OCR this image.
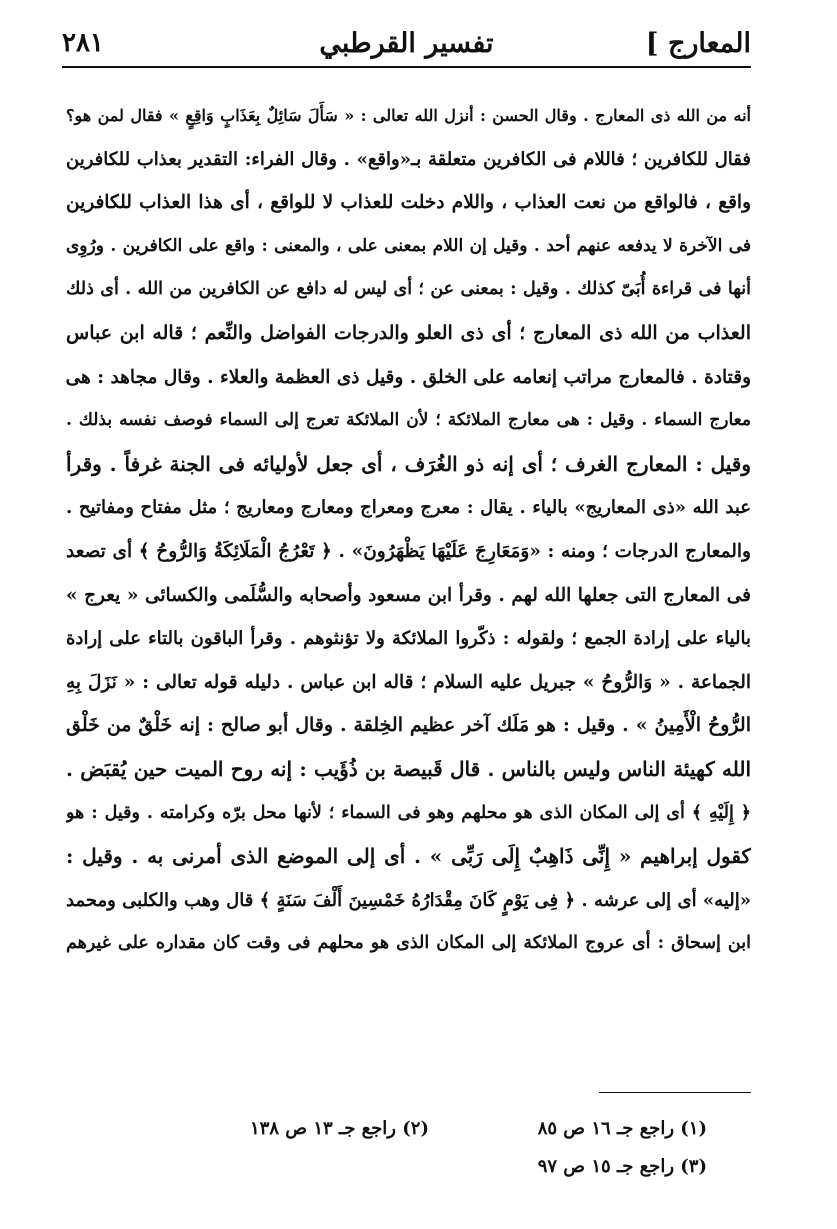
المعارج ]
تفسير القرطبي
٢٨١
أنه من الله ذى المعارج . وقال الحسن : أنزل الله تعالى : « سَأَلَ سَائِلٌ بِعَذَابٍ وَاقِعٍ » فقال لمن هو؟
فقال للكافرين ؛ فاللام فى الكافرين متعلقة بـ«واقع» . وقال الفراء: التقدير بعذاب للكافرين
واقع ، فالواقع من نعت العذاب ، واللام دخلت للعذاب لا للواقع ، أى هذا العذاب للكافرين
فى الآخرة لا يدفعه عنهم أحد . وقيل إن اللام بمعنى على ، والمعنى : واقع على الكافرين . ورُوِى
أنها فى قراءة أُبَىّ كذلك . وقيل : بمعنى عن ؛ أى ليس له دافع عن الكافرين من الله . أى ذلك
العذاب من الله ذى المعارج ؛ أى ذى العلو والدرجات الفواضل والنِّعم ؛ قاله ابن عباس
وقتادة . فالمعارج مراتب إنعامه على الخلق . وقيل ذى العظمة والعلاء . وقال مجاهد : هى
معارج السماء . وقيل : هى معارج الملائكة ؛ لأن الملائكة تعرج إلى السماء فوصف نفسه بذلك .
وقيل : المعارج الغرف ؛ أى إنه ذو الغُرَف ، أى جعل لأوليائه فى الجنة غرفاً . وقرأ
عبد الله «ذى المعاريج» بالياء . يقال : معرج ومعراج ومعارج ومعاريج ؛ مثل مفتاح ومفاتيح .
والمعارج الدرجات ؛ ومنه : «وَمَعَارِجَ عَلَيْهَا يَظْهَرُونَ» . ﴿ تَعْرُجُ الْمَلَائِكَةُ وَالرُّوحُ ﴾ أى تصعد
فى المعارج التى جعلها الله لهم . وقرأ ابن مسعود وأصحابه والسُّلَمى والكسائى « يعرج »
بالياء على إرادة الجمع ؛ ولقوله : ذكّروا الملائكة ولا تؤنثوهم . وقرأ الباقون بالتاء على إرادة
الجماعة . « وَالرُّوحُ » جبريل عليه السلام ؛ قاله ابن عباس . دليله قوله تعالى : « نَزَلَ بِهِ
الرُّوحُ الْأَمِينُ » . وقيل : هو مَلَك آخر عظيم الخِلقة . وقال أبو صالح : إنه خَلْقٌ من خَلْق
الله كهيئة الناس وليس بالناس . قال قَبيصة بن ذُؤَيب : إنه روح الميت حين يُقبَض .
﴿ إِلَيْهِ ﴾ أى إلى المكان الذى هو محلهم وهو فى السماء ؛ لأنها محل برّه وكرامته . وقيل : هو
كقول إبراهيم « إِنِّى ذَاهِبٌ إِلَى رَبِّى » . أى إلى الموضع الذى أمرنى به . وقيل :
«إليه» أى إلى عرشه . ﴿ فِى يَوْمٍ كَانَ مِقْدَارُهُ خَمْسِينَ أَلْفَ سَنَةٍ ﴾ قال وهب والكلبى ومحمد
ابن إسحاق : أى عروج الملائكة إلى المكان الذى هو محلهم فى وقت كان مقداره على غيرهم
(١) راجع جـ ١٦ ص ٨٥
(٢) راجع جـ ١٣ ص ١٣٨
(٣) راجع جـ ١٥ ص ٩٧
